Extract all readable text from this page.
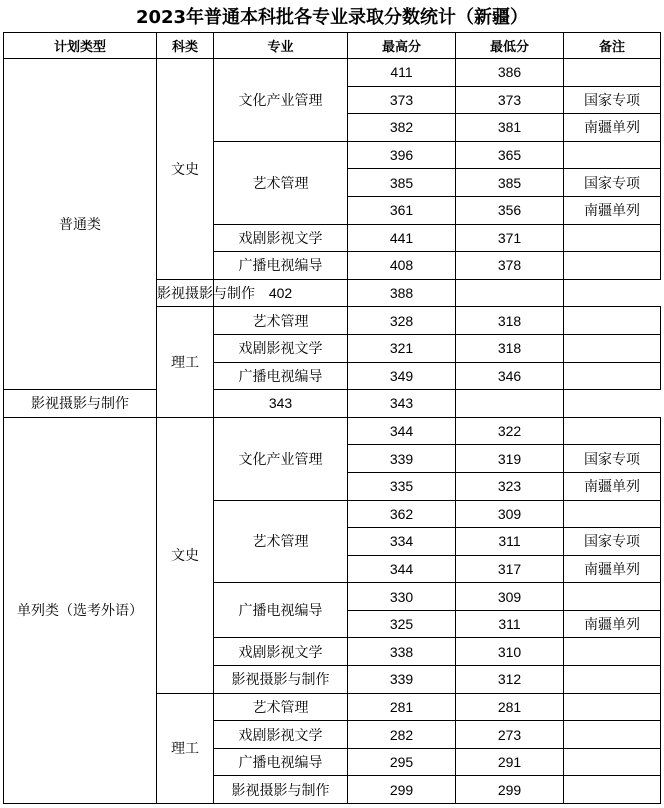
2023年普通本科批各专业录取分数统计（新疆）
计划类型	科类	专业	最高分	最低分	备注
普通类	文史	文化产业管理	411	386	
			373	373	国家专项
			382	381	南疆单列
		艺术管理	396	365	
			385	385	国家专项
			361	356	南疆单列
		戏剧影视文学	441	371	
		广播电视编导	408	378	
	影视摄影与制作	402	388		
	理工	艺术管理	328	318	
		戏剧影视文学	321	318	
		广播电视编导	349	346	
影视摄影与制作		343	343		
单列类（选考外语）	文史	文化产业管理	344	322	
			339	319	国家专项
			335	323	南疆单列
		艺术管理	362	309	
			334	311	国家专项
			344	317	南疆单列
		广播电视编导	330	309	
			325	311	南疆单列
		戏剧影视文学	338	310	
		影视摄影与制作	339	312	
	理工	艺术管理	281	281	
		戏剧影视文学	282	273	
		广播电视编导	295	291	
		影视摄影与制作	299	299	
